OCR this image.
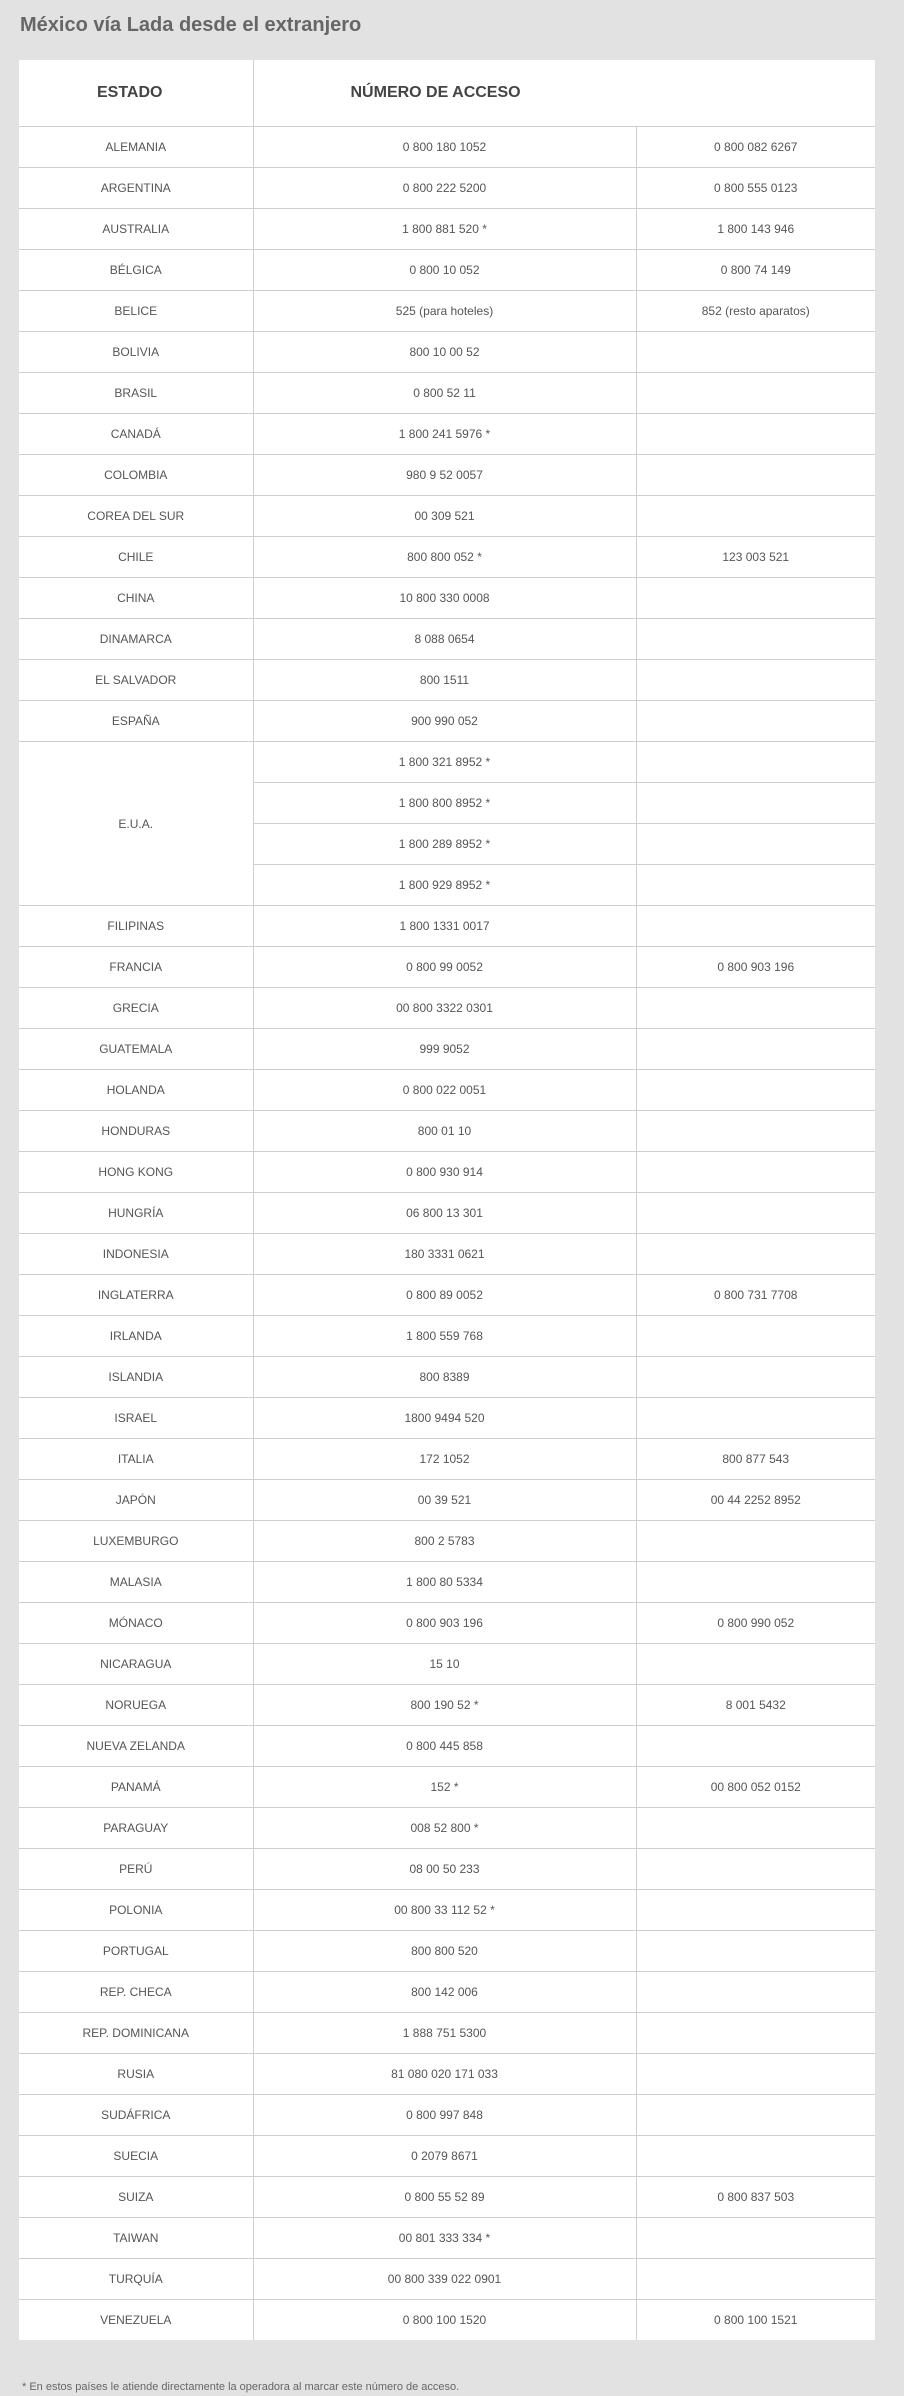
México vía Lada desde el extranjero
ESTADO	NÚMERO DE ACCESO	
ALEMANIA	0 800 180 1052	0 800 082 6267
ARGENTINA	0 800 222 5200	0 800 555 0123
AUSTRALIA	1 800 881 520 *	1 800 143 946
BÉLGICA	0 800 10 052	0 800 74 149
BELICE	525 (para hoteles)	852 (resto aparatos)
BOLIVIA	800 10 00 52	
BRASIL	0 800 52 11	
CANADÁ	1 800 241 5976 *	
COLOMBIA	980 9 52 0057	
COREA DEL SUR	00 309 521	
CHILE	800 800 052 *	123 003 521
CHINA	10 800 330 0008	
DINAMARCA	8 088 0654	
EL SALVADOR	800 1511	
ESPAÑA	900 990 052	
E.U.A.	1 800 321 8952 *	
	1 800 800 8952 *	
	1 800 289 8952 *	
	1 800 929 8952 *	
FILIPINAS	1 800 1331 0017	
FRANCIA	0 800 99 0052	0 800 903 196
GRECIA	00 800 3322 0301	
GUATEMALA	999 9052	
HOLANDA	0 800 022 0051	
HONDURAS	800 01 10	
HONG KONG	0 800 930 914	
HUNGRÍA	06 800 13 301	
INDONESIA	180 3331 0621	
INGLATERRA	0 800 89 0052	0 800 731 7708
IRLANDA	1 800 559 768	
ISLANDIA	800 8389	
ISRAEL	1800 9494 520	
ITALIA	172 1052	800 877 543
JAPÓN	00 39 521	00 44 2252 8952
LUXEMBURGO	800 2 5783	
MALASIA	1 800 80 5334	
MÓNACO	0 800 903 196	0 800 990 052
NICARAGUA	15 10	
NORUEGA	800 190 52 *	8 001 5432
NUEVA ZELANDA	0 800 445 858	
PANAMÁ	152 *	00 800 052 0152
PARAGUAY	008 52 800 *	
PERÚ	08 00 50 233	
POLONIA	00 800 33 112 52 *	
PORTUGAL	800 800 520	
REP. CHECA	800 142 006	
REP. DOMINICANA	1 888 751 5300	
RUSIA	81 080 020 171 033	
SUDÁFRICA	0 800 997 848	
SUECIA	0 2079 8671	
SUIZA	0 800 55 52 89	0 800 837 503
TAIWAN	00 801 333 334 *	
TURQUÍA	00 800 339 022 0901	
VENEZUELA	0 800 100 1520	0 800 100 1521

* En estos países le atiende directamente la operadora al marcar este número de acceso.
